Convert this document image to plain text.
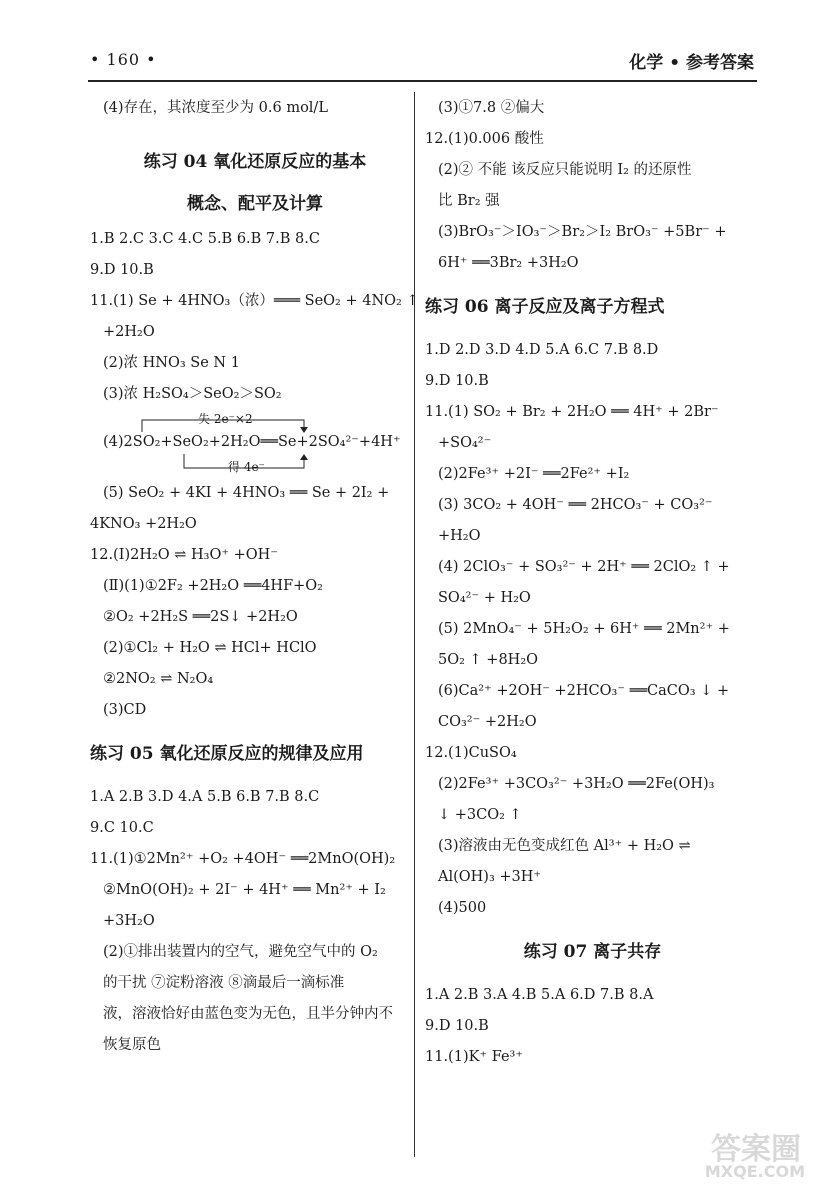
• 160 •	化学 • 参考答案
(4)存在，其浓度至少为 0.6 mol/L
练习 04 氧化还原反应的基本
概念、配平及计算
1.B 2.C 3.C 4.C 5.B 6.B 7.B 8.C
9.D 10.B
11.(1) Se + 4HNO₃（浓）═══ SeO₂ + 4NO₂ ↑
+2H₂O
(2)浓 HNO₃ Se N 1
(3)浓 H₂SO₄＞SeO₂＞SO₂
失 2e⁻×2
(4)2SO₂+SeO₂+2H₂O══Se+2SO₄²⁻+4H⁺
得 4e⁻
(5) SeO₂ + 4KI + 4HNO₃ ══ Se + 2I₂ +
4KNO₃ +2H₂O
12.(Ⅰ)2H₂O ⇌ H₃O⁺ +OH⁻
(Ⅱ)(1)①2F₂ +2H₂O ══4HF+O₂
②O₂ +2H₂S ══2S↓ +2H₂O
(2)①Cl₂ + H₂O ⇌ HCl+ HClO
②2NO₂ ⇌ N₂O₄
(3)CD
练习 05 氧化还原反应的规律及应用
1.A 2.B 3.D 4.A 5.B 6.B 7.B 8.C
9.C 10.C
11.(1)①2Mn²⁺ +O₂ +4OH⁻ ══2MnO(OH)₂
②MnO(OH)₂ + 2I⁻ + 4H⁺ ══ Mn²⁺ + I₂
+3H₂O
(2)①排出装置内的空气，避免空气中的 O₂
的干扰 ⑦淀粉溶液 ⑧滴最后一滴标准
液，溶液恰好由蓝色变为无色，且半分钟内不
恢复原色
(3)①7.8 ②偏大
12.(1)0.006 酸性
(2)② 不能 该反应只能说明 I₂ 的还原性
比 Br₂ 强
(3)BrO₃⁻＞IO₃⁻＞Br₂＞I₂ BrO₃⁻ +5Br⁻ +
6H⁺ ══3Br₂ +3H₂O
练习 06 离子反应及离子方程式
1.D 2.D 3.D 4.D 5.A 6.C 7.B 8.D
9.D 10.B
11.(1) SO₂ + Br₂ + 2H₂O ══ 4H⁺ + 2Br⁻
+SO₄²⁻
(2)2Fe³⁺ +2I⁻ ══2Fe²⁺ +I₂
(3) 3CO₂ + 4OH⁻ ══ 2HCO₃⁻ + CO₃²⁻
+H₂O
(4) 2ClO₃⁻ + SO₃²⁻ + 2H⁺ ══ 2ClO₂ ↑ +
SO₄²⁻ + H₂O
(5) 2MnO₄⁻ + 5H₂O₂ + 6H⁺ ══ 2Mn²⁺ +
5O₂ ↑ +8H₂O
(6)Ca²⁺ +2OH⁻ +2HCO₃⁻ ══CaCO₃ ↓ +
CO₃²⁻ +2H₂O
12.(1)CuSO₄
(2)2Fe³⁺ +3CO₃²⁻ +3H₂O ══2Fe(OH)₃
↓ +3CO₂ ↑
(3)溶液由无色变成红色 Al³⁺ + H₂O ⇌
Al(OH)₃ +3H⁺
(4)500
练习 07 离子共存
1.A 2.B 3.A 4.B 5.A 6.D 7.B 8.A
9.D 10.B
11.(1)K⁺ Fe³⁺
答案圈
MXQE.COM
